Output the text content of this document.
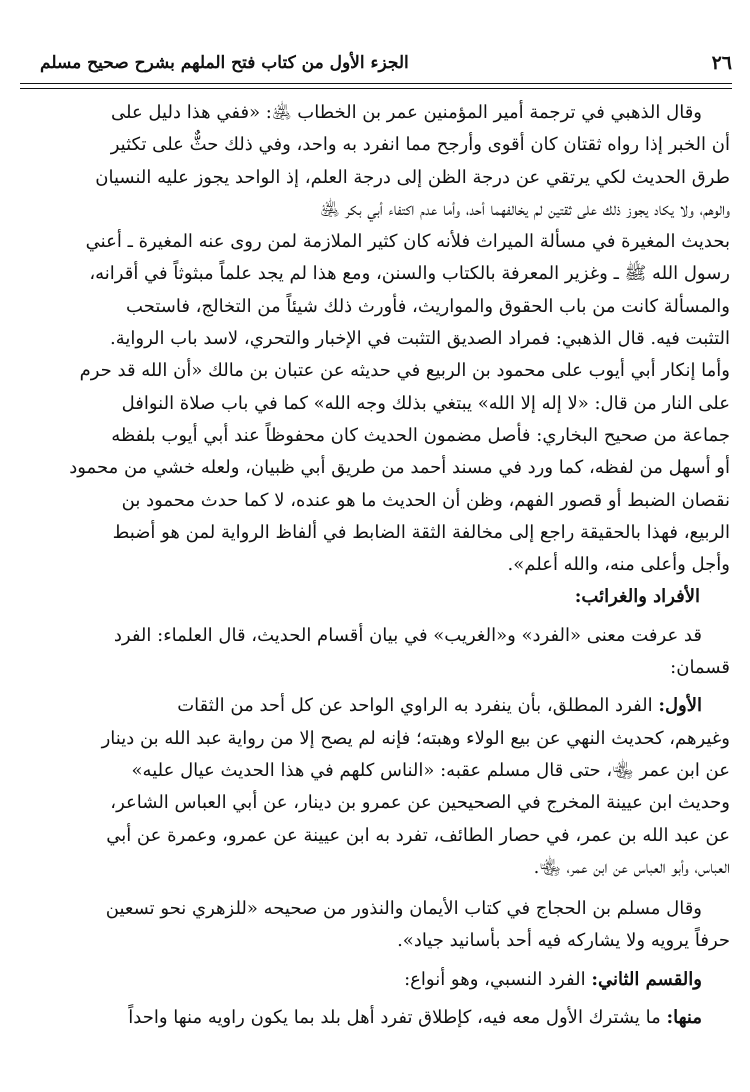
٢٦
الجزء الأول من كتاب فتح الملهم بشرح صحيح مسلم
وقال الذهبي في ترجمة أمير المؤمنين عمر بن الخطاب ﵁: «ففي هذا دليل على
أن الخبر إذا رواه ثقتان كان أقوى وأرجح مما انفرد به واحد، وفي ذلك حثٌّ على تكثير
طرق الحديث لكي يرتقي عن درجة الظن إلى درجة العلم، إذ الواحد يجوز عليه النسيان
والوهم، ولا يكاد يجوز ذلك على ثقتين لم يخالفهما أحد، وأما عدم اكتفاء أبي بكر ﵁
بحديث المغيرة في مسألة الميراث فلأنه كان كثير الملازمة لمن روى عنه المغيرة ـ أعني
رسول الله ﷺ ـ وغزير المعرفة بالكتاب والسنن، ومع هذا لم يجد علماً مبثوثاً في أقرانه،
والمسألة كانت من باب الحقوق والمواريث، فأورث ذلك شيئاً من التخالج، فاستحب
التثبت فيه. قال الذهبي: فمراد الصديق التثبت في الإخبار والتحري، لاسد باب الرواية.
وأما إنكار أبي أيوب على محمود بن الربيع في حديثه عن عتبان بن مالك «أن الله قد حرم
على النار من قال: «لا إله إلا الله» يبتغي بذلك وجه الله» كما في باب صلاة النوافل
جماعة من صحيح البخاري: فأصل مضمون الحديث كان محفوظاً عند أبي أيوب بلفظه
أو أسهل من لفظه، كما ورد في مسند أحمد من طريق أبي ظبيان، ولعله خشي من محمود
نقصان الضبط أو قصور الفهم، وظن أن الحديث ما هو عنده، لا كما حدث محمود بن
الربيع، فهذا بالحقيقة راجع إلى مخالفة الثقة الضابط في ألفاظ الرواية لمن هو أضبط
وأجل وأعلى منه، والله أعلم».
الأفراد والغرائب:
قد عرفت معنى «الفرد» و«الغريب» في بيان أقسام الحديث، قال العلماء: الفرد
قسمان:
الأول: الفرد المطلق، بأن ينفرد به الراوي الواحد عن كل أحد من الثقات
وغيرهم، كحديث النهي عن بيع الولاء وهبته؛ فإنه لم يصح إلا من رواية عبد الله بن دينار
عن ابن عمر ﵄، حتى قال مسلم عقبه: «الناس كلهم في هذا الحديث عيال عليه»
وحديث ابن عيينة المخرج في الصحيحين عن عمرو بن دينار، عن أبي العباس الشاعر،
عن عبد الله بن عمر، في حصار الطائف، تفرد به ابن عيينة عن عمرو، وعمرة عن أبي
العباس، وأبو العباس عن ابن عمر، ﵄.
وقال مسلم بن الحجاج في كتاب الأيمان والنذور من صحيحه «للزهري نحو تسعين
حرفاً يرويه ولا يشاركه فيه أحد بأسانيد جياد».
والقسم الثاني: الفرد النسبي، وهو أنواع:
منها: ما يشترك الأول معه فيه، كإطلاق تفرد أهل بلد بما يكون راويه منها واحداً
